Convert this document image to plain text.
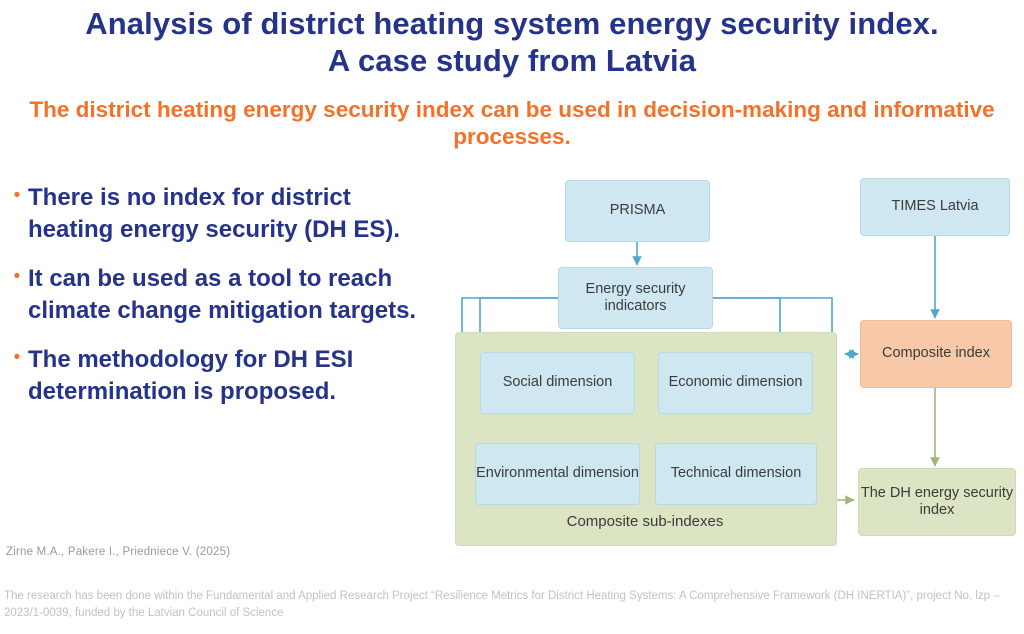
Analysis of district heating system energy security index.
A case study from Latvia
The district heating energy security index can be used in decision-making and informative processes.
• There is no index for district heating energy security (DH ES).
• It can be used as a tool to reach climate change mitigation targets.
• The methodology for DH ESI determination is proposed.
Zirne M.A., Pakere I., Priedniece V. (2025)
The research has been done within the Fundamental and Applied Research Project “Resilience Metrics for District Heating Systems: A Comprehensive Framework (DH INERTIA)”, project No. lzp – 2023/1-0039, funded by the Latvian Council of Science
PRISMA	TIMES Latvia
Energy security indicators
Social dimension	Economic dimension
Environmental dimension	Technical dimension
Composite sub-indexes
Composite index
The DH energy security index
